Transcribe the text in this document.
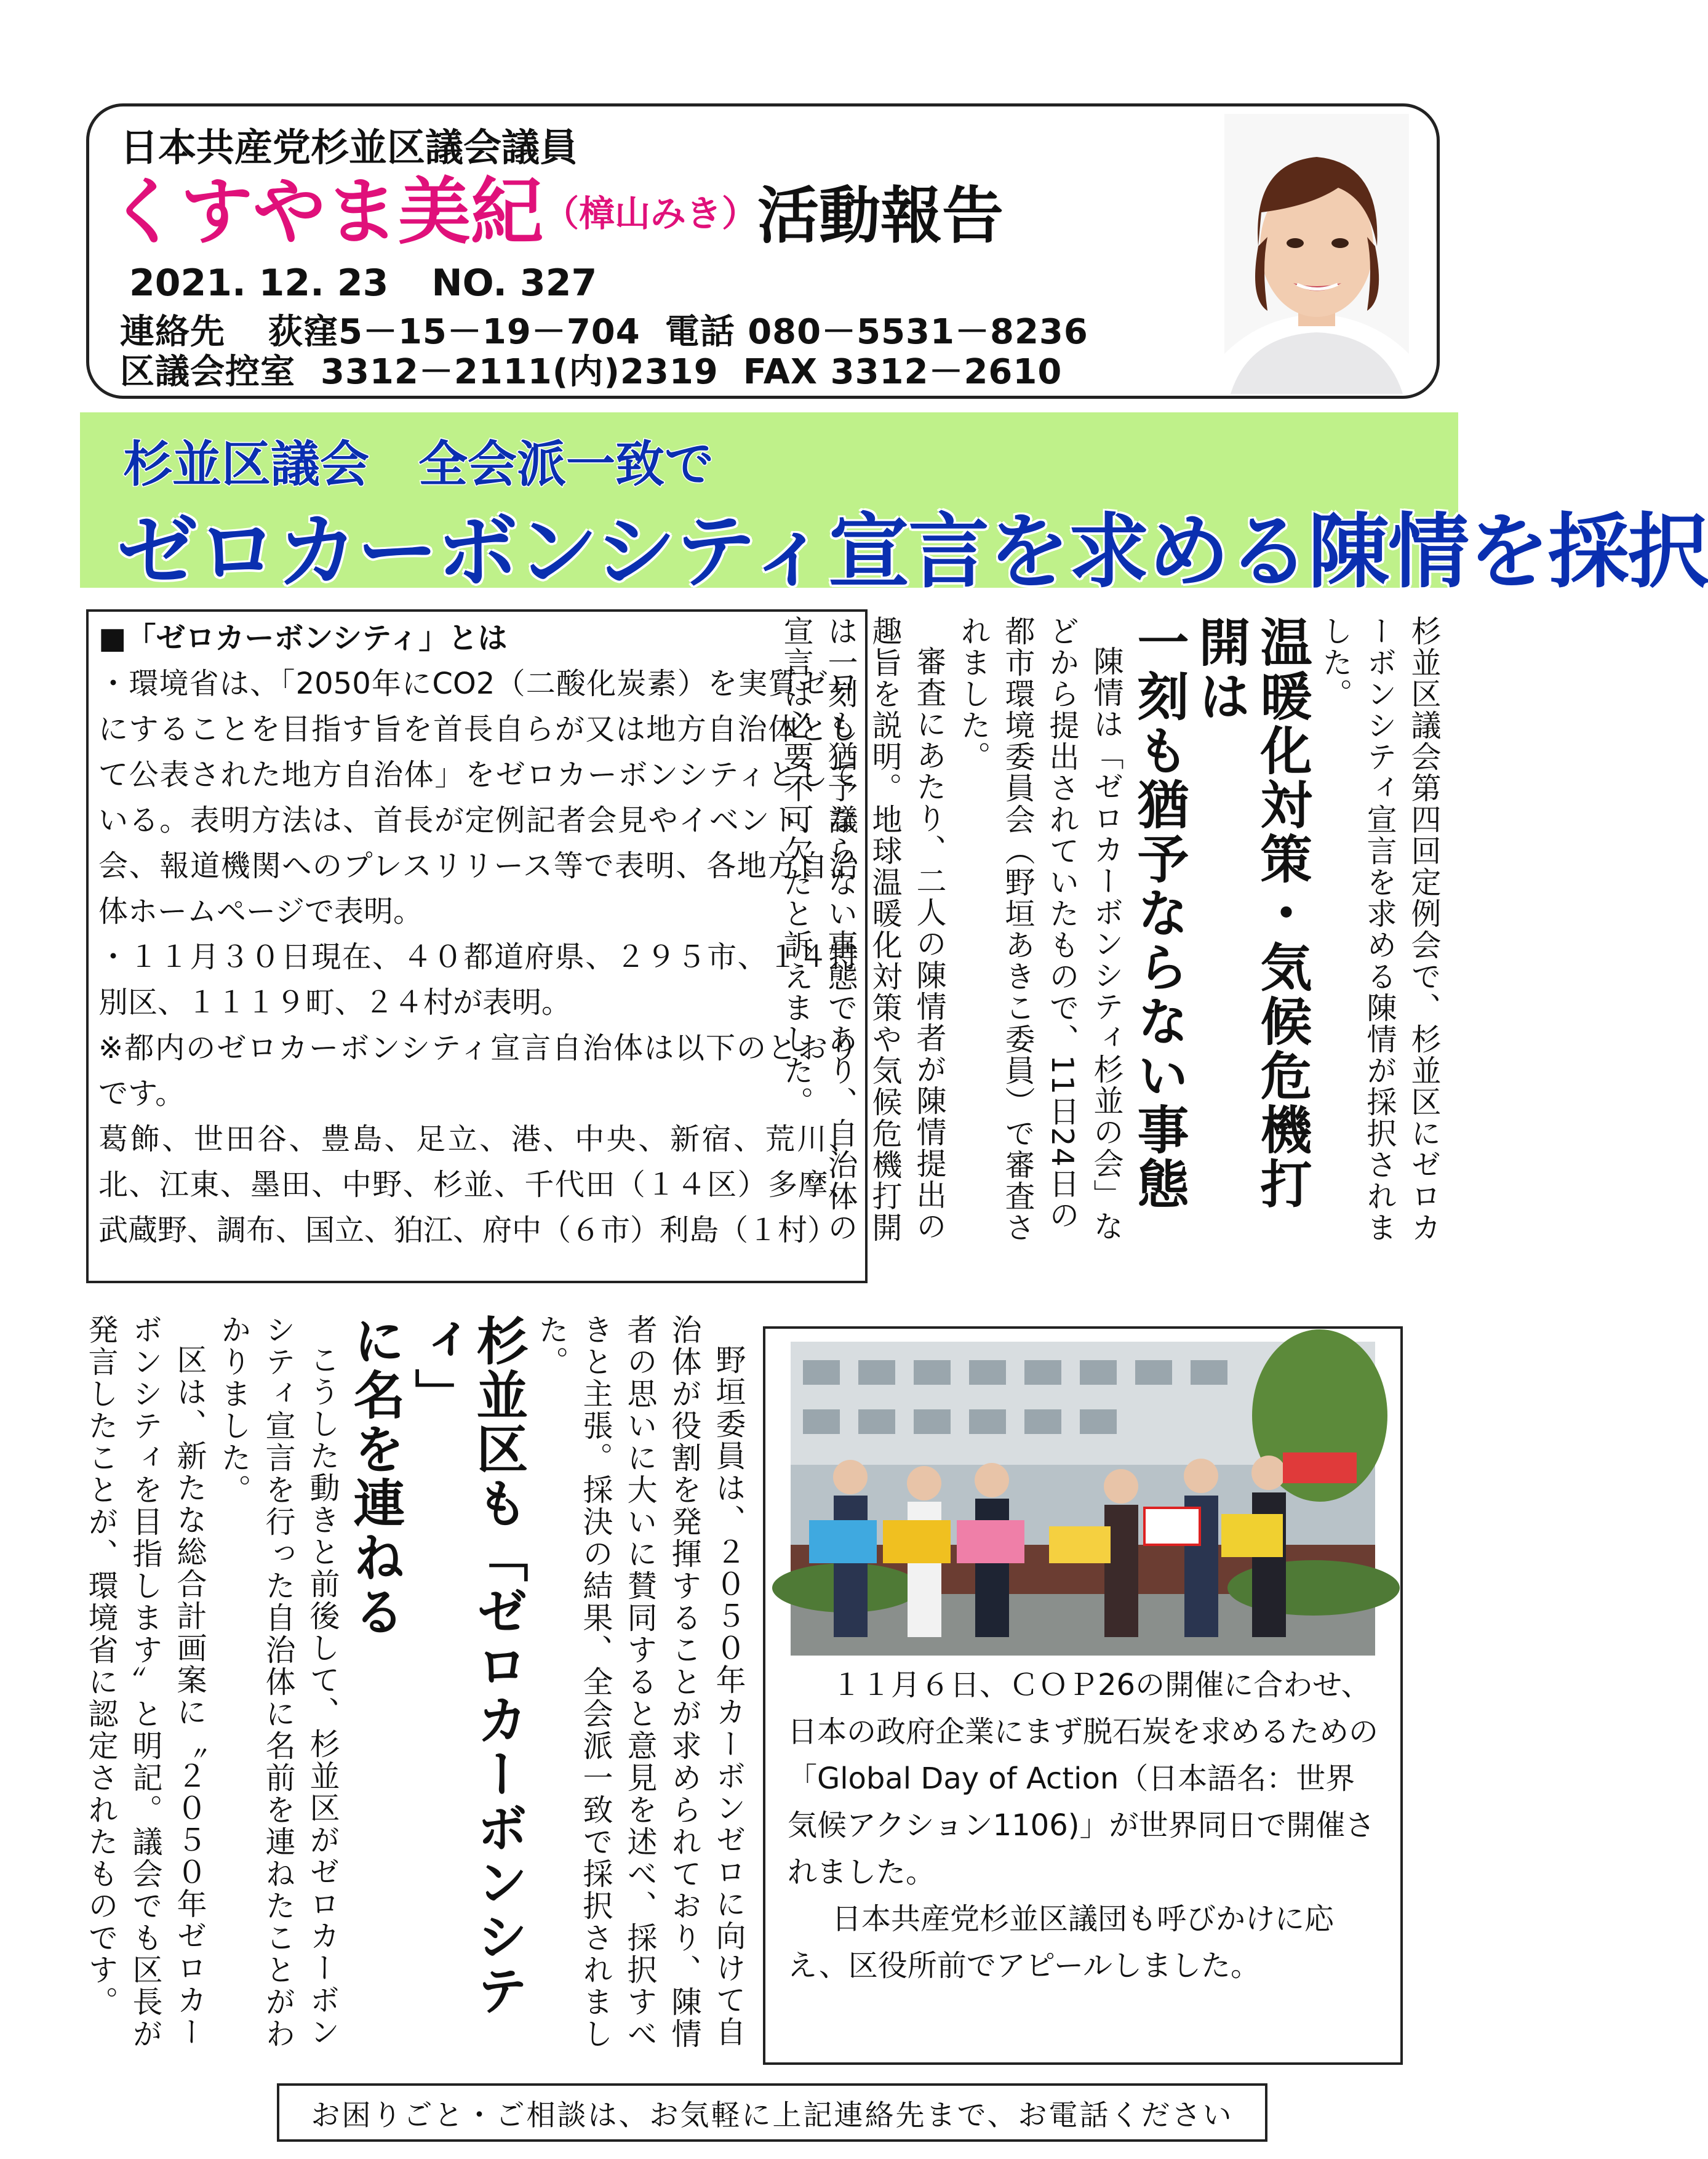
日本共産党杉並区議会議員
くすやま美紀（樟山みき）活動報告
2021. 12. 23 NO. 327
連絡先 荻窪5－15－19－704 電話 080－5531－8236
区議会控室 3312－2111(内)2319 FAX 3312－2610
杉並区議会　全会派一致で
ゼロカーボンシティ宣言を求める陳情を採択

■「ゼロカーボンシティ」とは

・環境省は、「2050年にCO2（二酸化炭素）を実質ゼロにすることを目指す旨を首長自らが又は地方自治体として公表された地方自治体」をゼロカーボンシティとしている。表明方法は、首長が定例記者会見やイベント、議会、報道機関へのプレスリリース等で表明、各地方自治体ホームページで表明。

・１１月３０日現在、４０都道府県、２９５市、１４特別区、１１１９町、２４村が表明。

※都内のゼロカーボンシティ宣言自治体は以下のとおりです。

葛飾、世田谷、豊島、足立、港、中央、新宿、荒川、北、江東、墨田、中野、杉並、千代田（１４区）多摩、武蔵野、調布、国立、狛江、府中（６市）利島（１村）	杉並区議会第四回定例会で、杉並区にゼロカーボンシティ宣言を求める陳情が採択されました。

温暖化対策・気候危機打開は

一刻も猶予ならない事態

陳情は「ゼロカーボンシティ杉並の会」などから提出されていたもので、11日24日の都市環境委員会（野垣あきこ委員）で審査されました。

審査にあたり、二人の陳情者が陳情提出の趣旨を説明。地球温暖化対策や気候危機打開は一刻も猶予ならない事態であり、自治体の宣言は必要不可欠だと訴えました。

野垣委員は、２０５０年カーボンゼロに向けて自治体が役割を発揮することが求められており、陳情者の思いに大いに賛同すると意見を述べ、採択すべきと主張。採決の結果、全会派一致で採択されました。

杉並区も「ゼロカーボンシティ」

に名を連ねる

こうした動きと前後して、杉並区がゼロカーボンシティ宣言を行った自治体に名前を連ねたことがわかりました。

区は、新たな総合計画案に〝２０５０年ゼロカーボンシティを目指します〟と明記。議会でも区長が発言したことが、環境省に認定されたものです。	１１月６日、ＣＯＰ26の開催に合わせ、日本の政府企業にまず脱石炭を求めるための「Global Day of Action（日本語名：世界気候アクション1106)」が世界同日で開催されました。

日本共産党杉並区議団も呼びかけに応え、区役所前でアピールしました。

お困りごと・ご相談は、お気軽に上記連絡先まで、お電話ください
